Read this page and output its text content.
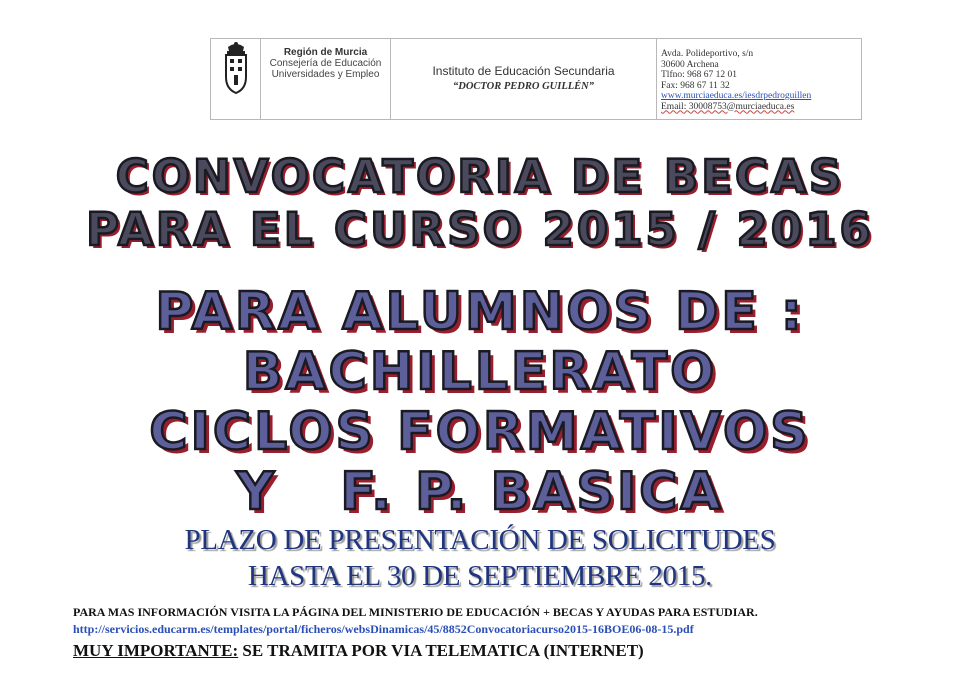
Región de Murcia
Consejería de Educación
Universidades y Empleo	Instituto de Educación Secundaria
“DOCTOR PEDRO GUILLÉN”
Avda. Polideportivo, s/n
30600 Archena
Tlfno: 968 67 12 01
Fax: 968 67 11 32
www.murciaeduca.es/iesdrpedroguillen
Email: 30008753@murciaeduca.es
CONVOCATORIA DE BECAS
PARA EL CURSO 2015 / 2016
PARA ALUMNOS DE :
BACHILLERATO
CICLOS FORMATIVOS
Y   F. P. BASICA

PLAZO DE PRESENTACIÓN DE SOLICITUDES

HASTA EL 30 DE SEPTIEMBRE 2015.

PARA MAS INFORMACIÓN VISITA LA PÁGINA DEL MINISTERIO DE EDUCACIÓN + BECAS Y AYUDAS PARA ESTUDIAR.

http://servicios.educarm.es/templates/portal/ficheros/websDinamicas/45/8852Convocatoriacurso2015-16BOE06-08-15.pdf

MUY IMPORTANTE: SE TRAMITA POR VIA TELEMATICA (INTERNET)
